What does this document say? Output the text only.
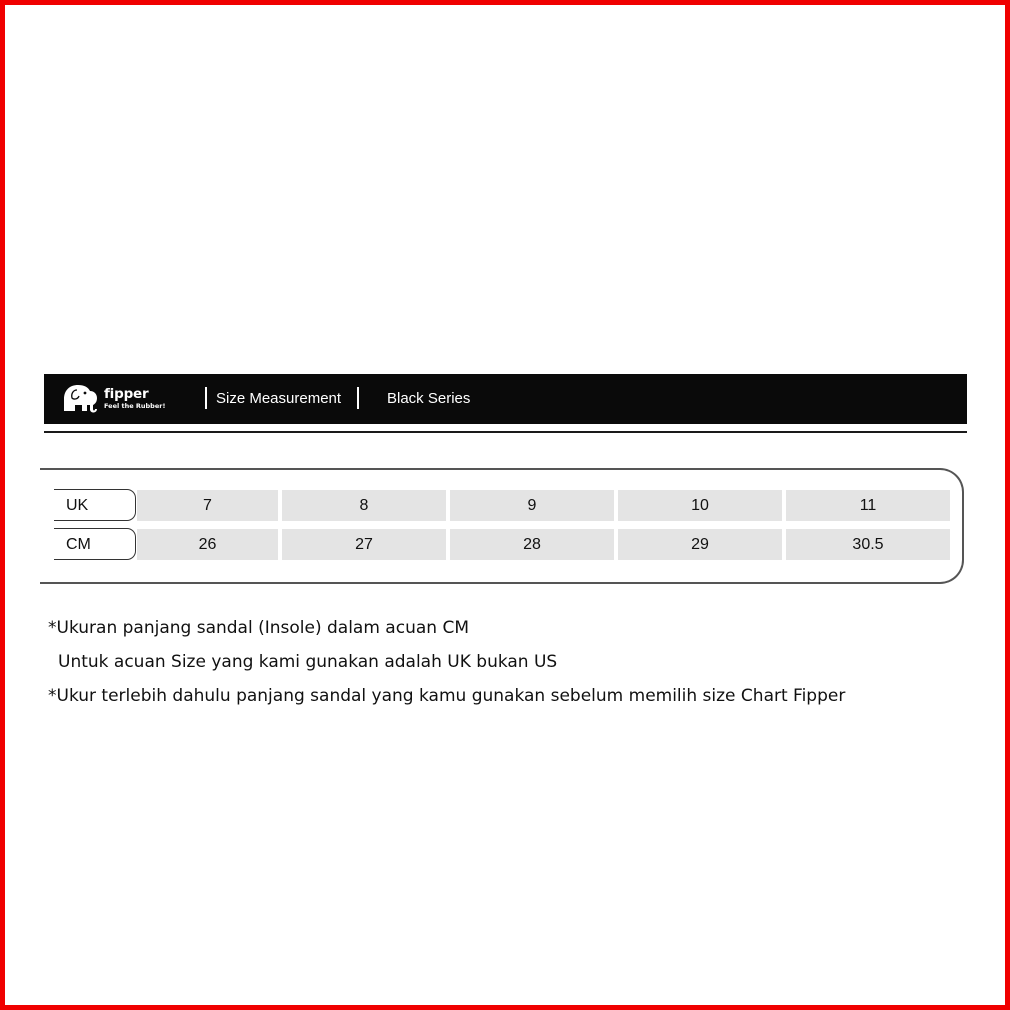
fipper
Feel the Rubber!	Size Measurement	Black Series
UK	7	8	9	10	11
CM	26	27	28	29	30.5
*Ukuran panjang sandal (Insole) dalam acuan CM
Untuk acuan Size yang kami gunakan adalah UK bukan US
*Ukur terlebih dahulu panjang sandal yang kamu gunakan sebelum memilih size Chart Fipper
